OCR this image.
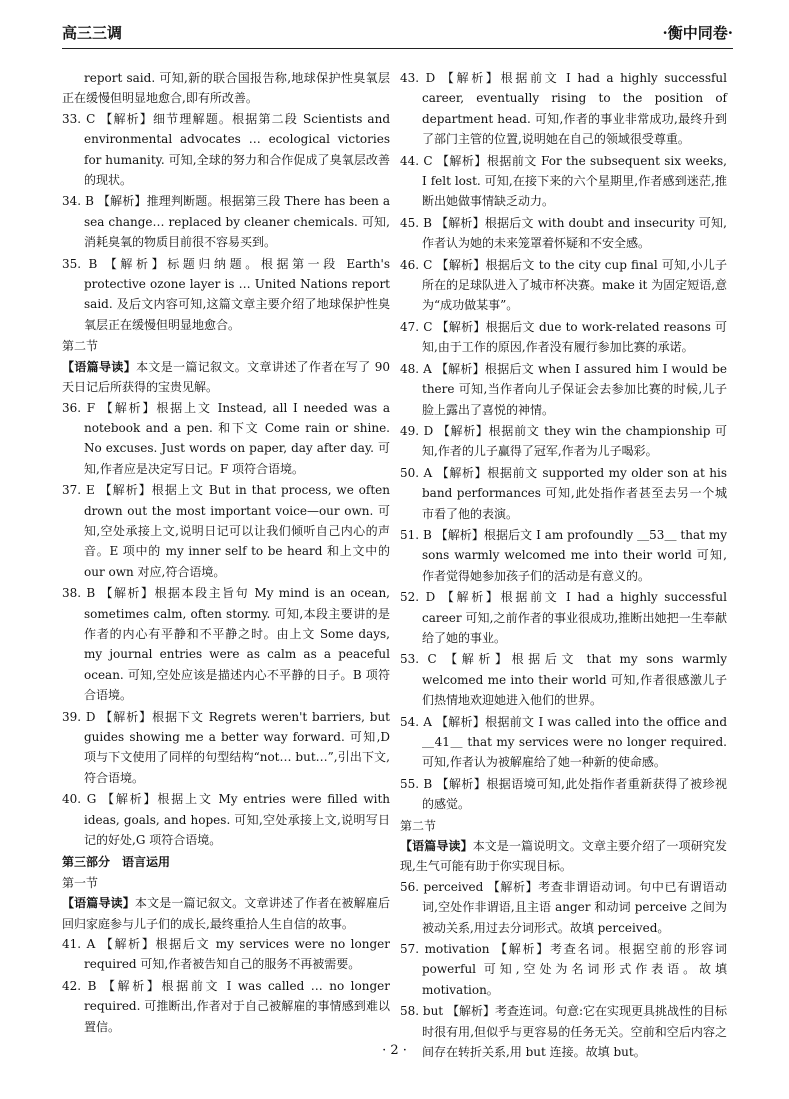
高三三调	·衡中同卷·

report said. 可知,新的联合国报告称,地球保护性臭氧层正在缓慢但明显地愈合,即有所改善。

33. C 【解析】细节理解题。根据第二段 Scientists and environmental advocates … ecological victories for humanity. 可知,全球的努力和合作促成了臭氧层改善的现状。

34. B 【解析】推理判断题。根据第三段 There has been a sea change… replaced by cleaner chemicals. 可知,消耗臭氧的物质目前很不容易买到。

35. B 【解析】标题归纳题。根据第一段 Earth's protective ozone layer is … United Nations report said. 及后文内容可知,这篇文章主要介绍了地球保护性臭氧层正在缓慢但明显地愈合。

第二节

【语篇导读】本文是一篇记叙文。文章讲述了作者在写了 90 天日记后所获得的宝贵见解。

36. F 【解析】根据上文 Instead, all I needed was a notebook and a pen. 和下文 Come rain or shine. No excuses. Just words on paper, day after day. 可知,作者应是决定写日记。F 项符合语境。

37. E 【解析】根据上文 But in that process, we often drown out the most important voice—our own. 可知,空处承接上文,说明日记可以让我们倾听自己内心的声音。E 项中的 my inner self to be heard 和上文中的 our own 对应,符合语境。

38. B 【解析】根据本段主旨句 My mind is an ocean, sometimes calm, often stormy. 可知,本段主要讲的是作者的内心有平静和不平静之时。由上文 Some days, my journal entries were as calm as a peaceful ocean. 可知,空处应该是描述内心不平静的日子。B 项符合语境。

39. D 【解析】根据下文 Regrets weren't barriers, but guides showing me a better way forward. 可知,D 项与下文使用了同样的句型结构“not… but…”,引出下文,符合语境。

40. G 【解析】根据上文 My entries were filled with ideas, goals, and hopes. 可知,空处承接上文,说明写日记的好处,G 项符合语境。

第三部分　语言运用

第一节

【语篇导读】本文是一篇记叙文。文章讲述了作者在被解雇后回归家庭参与儿子们的成长,最终重拾人生自信的故事。

41. A 【解析】根据后文 my services were no longer required 可知,作者被告知自己的服务不再被需要。

42. B 【解析】根据前文 I was called … no longer required. 可推断出,作者对于自己被解雇的事情感到难以置信。

43. D 【解析】根据前文 I had a highly successful career, eventually rising to the position of department head. 可知,作者的事业非常成功,最终升到了部门主管的位置,说明她在自己的领域很受尊重。

44. C 【解析】根据前文 For the subsequent six weeks, I felt lost. 可知,在接下来的六个星期里,作者感到迷茫,推断出她做事情缺乏动力。

45. B 【解析】根据后文 with doubt and insecurity 可知,作者认为她的未来笼罩着怀疑和不安全感。

46. C 【解析】根据后文 to the city cup final 可知,小儿子所在的足球队进入了城市杯决赛。make it 为固定短语,意为“成功做某事”。

47. C 【解析】根据后文 due to work-related reasons 可知,由于工作的原因,作者没有履行参加比赛的承诺。

48. A 【解析】根据后文 when I assured him I would be there 可知,当作者向儿子保证会去参加比赛的时候,儿子脸上露出了喜悦的神情。

49. D 【解析】根据前文 they win the championship 可知,作者的儿子赢得了冠军,作者为儿子喝彩。

50. A 【解析】根据前文 supported my older son at his band performances 可知,此处指作者甚至去另一个城市看了他的表演。

51. B 【解析】根据后文 I am profoundly ＿53＿ that my sons warmly welcomed me into their world 可知,作者觉得她参加孩子们的活动是有意义的。

52. D 【解析】根据前文 I had a highly successful career 可知,之前作者的事业很成功,推断出她把一生奉献给了她的事业。

53. C 【解析】根据后文 that my sons warmly welcomed me into their world 可知,作者很感激儿子们热情地欢迎她进入他们的世界。

54. A 【解析】根据前文 I was called into the office and ＿41＿ that my services were no longer required. 可知,作者认为被解雇给了她一种新的使命感。

55. B 【解析】根据语境可知,此处指作者重新获得了被珍视的感觉。

第二节

【语篇导读】本文是一篇说明文。文章主要介绍了一项研究发现,生气可能有助于你实现目标。

56. perceived 【解析】考查非谓语动词。句中已有谓语动词,空处作非谓语,且主语 anger 和动词 perceive 之间为被动关系,用过去分词形式。故填 perceived。

57. motivation 【解析】考查名词。根据空前的形容词 powerful 可知,空处为名词形式作表语。故填 motivation。

58. but 【解析】考查连词。句意:它在实现更具挑战性的目标时很有用,但似乎与更容易的任务无关。空前和空后内容之间存在转折关系,用 but 连接。故填 but。

· 2 ·
